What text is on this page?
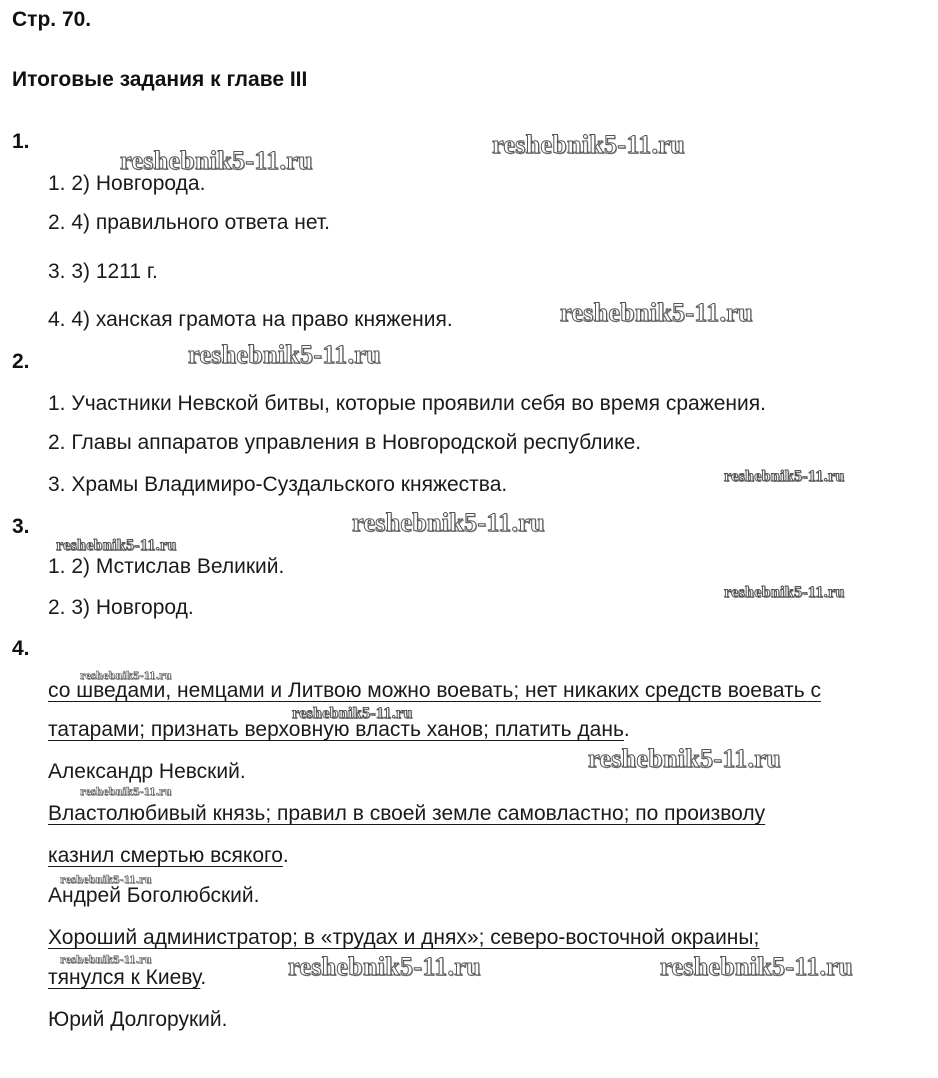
Стр. 70.
Итоговые задания к главе III
1.
1. 2) Новгорода.
2. 4) правильного ответа нет.
3. 3) 1211 г.
4. 4) ханская грамота на право княжения.
2.
1. Участники Невской битвы, которые проявили себя во время сражения.
2. Главы аппаратов управления в Новгородской республике.
3. Храмы Владимиро-Суздальского княжества.
3.
1. 2) Мстислав Великий.
2. 3) Новгород.
4.
со шведами, немцами и Литвою можно воевать; нет никаких средств воевать с
татарами; признать верховную власть ханов; платить дань.
Александр Невский.
Властолюбивый князь; правил в своей земле самовластно; по произволу
казнил смертью всякого.
Андрей Боголюбский.
Хороший администратор; в «трудах и днях»; северо-восточной окраины;
тянулся к Киеву.
Юрий Долгорукий.
reshebnik5-11.ru
reshebnik5-11.ru
reshebnik5-11.ru
reshebnik5-11.ru
reshebnik5-11.ru
reshebnik5-11.ru
reshebnik5-11.ru
reshebnik5-11.ru
reshebnik5-11.ru
reshebnik5-11.ru
reshebnik5-11.ru
reshebnik5-11.ru
reshebnik5-11.ru
reshebnik5-11.ru	reshebnik5-11.ru	reshebnik5-11.ru
